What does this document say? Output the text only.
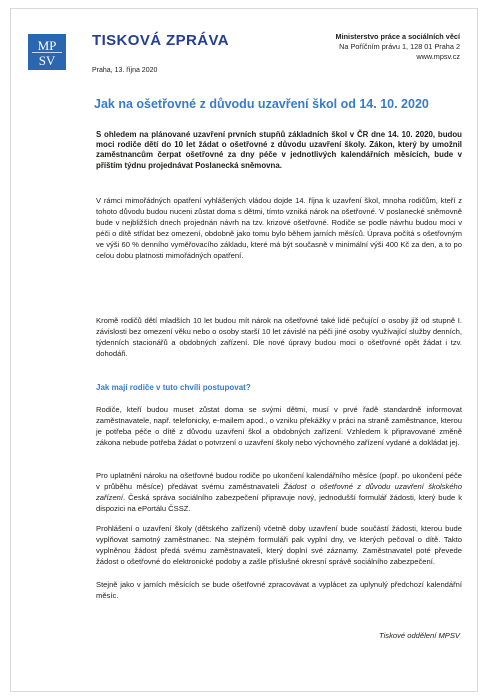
MP
SV
TISKOVÁ ZPRÁVA	Ministerstvo práce a sociálních věcí
Na Poříčním právu 1, 128 01 Praha 2
www.mpsv.cz
Praha, 13. října 2020
Jak na ošetřovné z důvodu uzavření škol od 14. 10. 2020

S ohledem na plánované uzavření prvních stupňů základních škol v ČR dne 14. 10. 2020, budou moci rodiče dětí do 10 let žádat o ošetřovné z důvodu uzavření školy. Zákon, který by umožnil zaměstnancům čerpat ošetřovné za dny péče v jednotlivých kalendářních měsících, bude v příštím týdnu projednávat Poslanecká sněmovna.

V rámci mimořádných opatření vyhlášených vládou dojde 14. října k uzavření škol, mnoha rodičům, kteří z tohoto důvodu budou nuceni zůstat doma s dětmi, tímto vzniká nárok na ošetřovné. V poslanecké sněmovně bude v nejbližších dnech projednán návrh na tzv. krizové ošetřovné. Rodiče se podle návrhu budou moci v péči o dítě střídat bez omezení, obdobně jako tomu bylo během jarních měsíců. Úprava počítá s ošetřovným ve výši 60 % denního vyměřovacího základu, které má být současně v minimální výši 400 Kč za den, a to po celou dobu platnosti mimořádných opatření.

Kromě rodičů dětí mladších 10 let budou mít nárok na ošetřovné také lidé pečující o osoby již od stupně I. závislosti bez omezení věku nebo o osoby starší 10 let závislé na péči jiné osoby využívající služby denních, týdenních stacionářů a obdobných zařízení. Dle nové úpravy budou moci o ošetřovné opět žádat i tzv. dohodáři.

Jak mají rodiče v tuto chvíli postupovat?

Rodiče, kteří budou muset zůstat doma se svými dětmi, musí v prvé řadě standardně informovat zaměstnavatele, např. telefonicky, e-mailem apod., o vzniku překážky v práci na straně zaměstnance, kterou je potřeba péče o dítě z důvodu uzavření škol a obdobných zařízení. Vzhledem k připravované změně zákona nebude potřeba žádat o potvrzení o uzavření školy nebo výchovného zařízení vydané a dokládat jej.

Pro uplatnění nároku na ošetřovné budou rodiče po ukončení kalendářního měsíce (popř. po ukončení péče v průběhu měsíce) předávat svému zaměstnavateli Žádost o ošetřovné z důvodu uzavření školského zařízení. Česká správa sociálního zabezpečení připravuje nový, jednodušší formulář žádosti, který bude k dispozici na ePortálu ČSSZ.

Prohlášení o uzavření školy (dětského zařízení) včetně doby uzavření bude součástí žádosti, kterou bude vyplňovat samotný zaměstnanec. Na stejném formuláři pak vyplní dny, ve kterých pečoval o dítě. Takto vyplněnou žádost předá svému zaměstnavateli, který doplní své záznamy. Zaměstnavatel poté převede žádost o ošetřovné do elektronické podoby a zašle příslušné okresní správě sociálního zabezpečení.

Stejně jako v jarních měsících se bude ošetřovné zpracovávat a vyplácet za uplynulý předchozí kalendářní měsíc.

Tiskové oddělení MPSV
